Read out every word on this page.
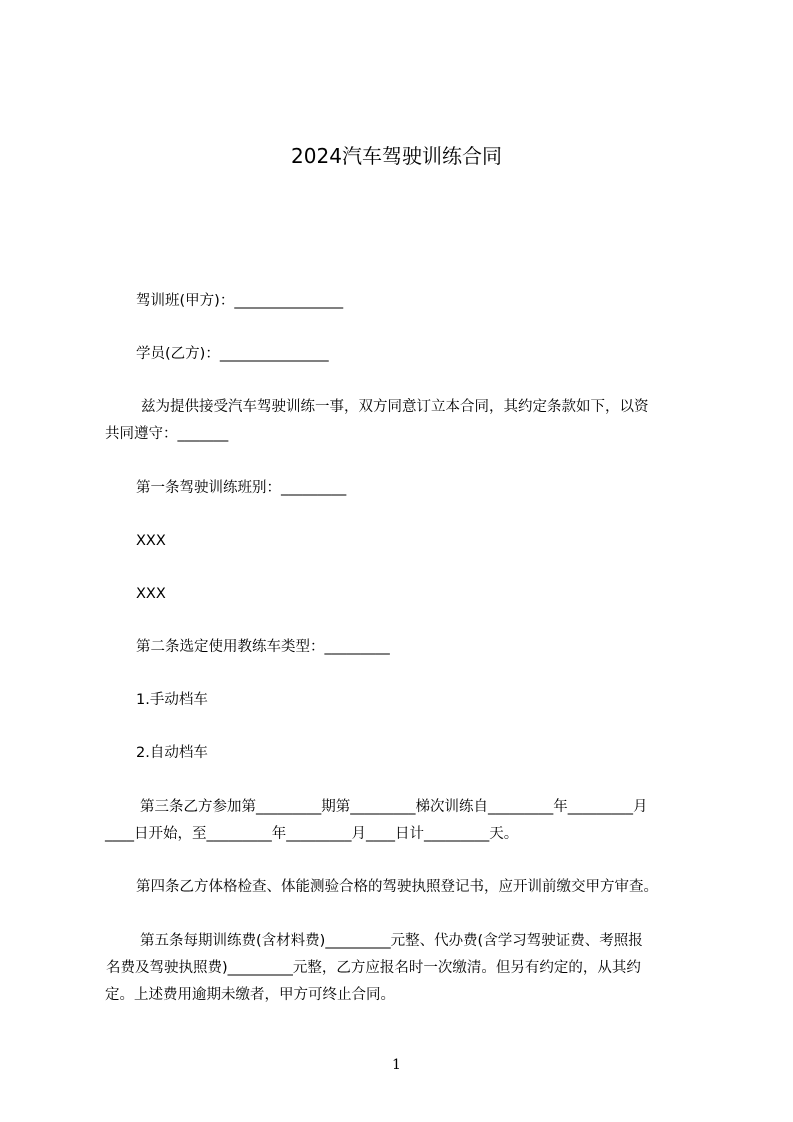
2024汽车驾驶训练合同
驾训班(甲方)：_______________
学员(乙方)：_______________
兹为提供接受汽车驾驶训练一事，双方同意订立本合同，其约定条款如下，以资
共同遵守：_______
第一条驾驶训练班别：_________
XXX
XXX
第二条选定使用教练车类型：_________
1.手动档车
2.自动档车
第三条乙方参加第_________期第_________梯次训练自_________年_________月
____日开始，至_________年_________月____日计_________天。
第四条乙方体格检查、体能测验合格的驾驶执照登记书，应开训前缴交甲方审查。
第五条每期训练费(含材料费)_________元整、代办费(含学习驾驶证费、考照报
名费及驾驶执照费)_________元整，乙方应报名时一次缴清。但另有约定的，从其约
定。上述费用逾期未缴者，甲方可终止合同。
1
